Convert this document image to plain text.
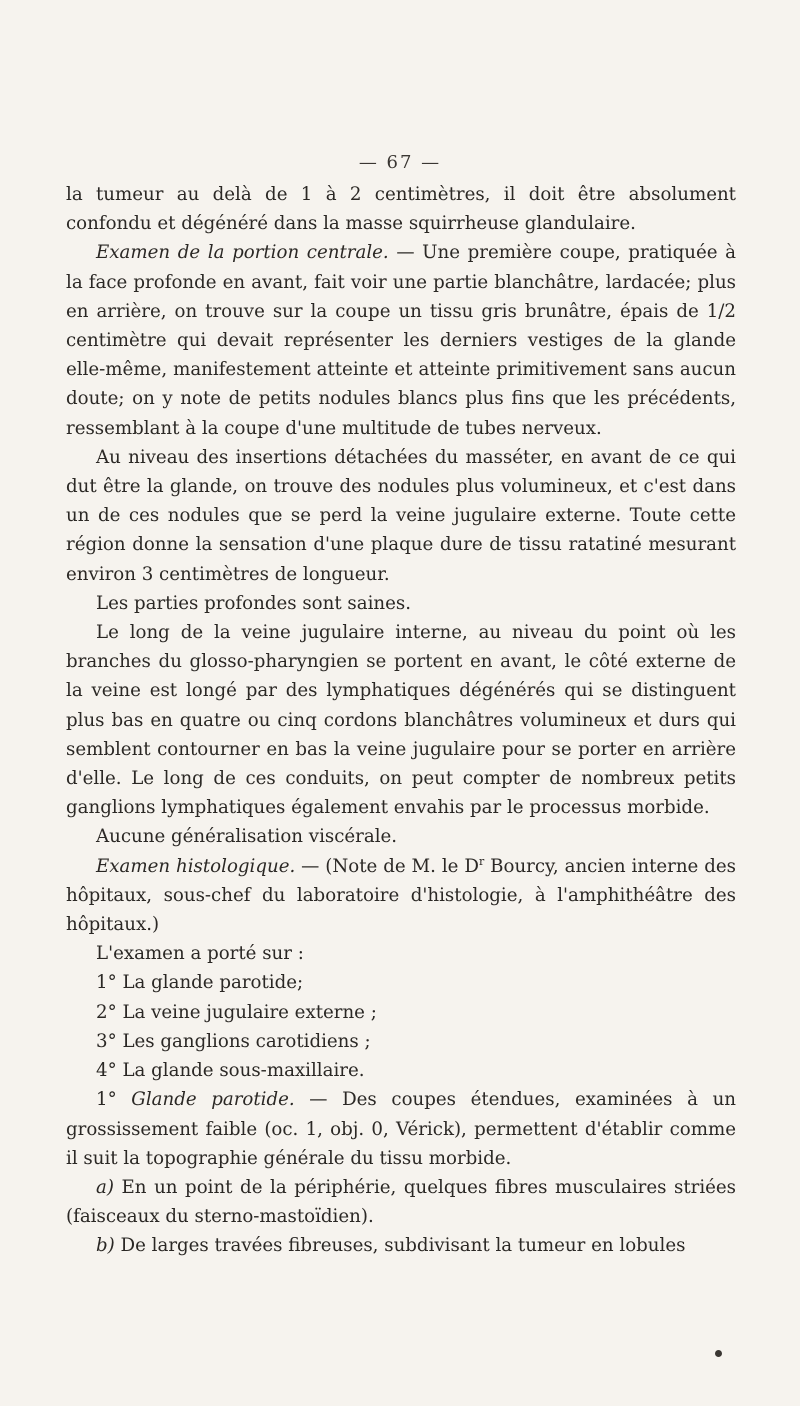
— 67 —

la tumeur au delà de 1 à 2 centimètres, il doit être absolument confondu et dégénéré dans la masse squirrheuse glandulaire.

Examen de la portion centrale. — Une première coupe, pratiquée à la face profonde en avant, fait voir une partie blanchâtre, lardacée; plus en arrière, on trouve sur la coupe un tissu gris brunâtre, épais de 1/2 centimètre qui devait représenter les derniers vestiges de la glande elle-même, manifestement atteinte et atteinte primitivement sans aucun doute; on y note de petits nodules blancs plus fins que les précédents, ressemblant à la coupe d'une multitude de tubes nerveux.

Au niveau des insertions détachées du masséter, en avant de ce qui dut être la glande, on trouve des nodules plus volumineux, et c'est dans un de ces nodules que se perd la veine jugulaire externe. Toute cette région donne la sensation d'une plaque dure de tissu ratatiné mesurant environ 3 centimètres de longueur.

Les parties profondes sont saines.

Le long de la veine jugulaire interne, au niveau du point où les branches du glosso-pharyngien se portent en avant, le côté externe de la veine est longé par des lymphatiques dégénérés qui se distinguent plus bas en quatre ou cinq cordons blanchâtres volumineux et durs qui semblent contourner en bas la veine jugulaire pour se porter en arrière d'elle. Le long de ces conduits, on peut compter de nombreux petits ganglions lymphatiques également envahis par le processus morbide.

Aucune généralisation viscérale.

Examen histologique. — (Note de M. le $D^r$ Bourcy, ancien interne des hôpitaux, sous-chef du laboratoire d'histologie, à l'amphithéâtre des hôpitaux.)

L'examen a porté sur :

1° La glande parotide;

2° La veine jugulaire externe ;

3° Les ganglions carotidiens ;

4° La glande sous-maxillaire.

1° Glande parotide. — Des coupes étendues, examinées à un grossissement faible (oc. 1, obj. 0, Vérick), permettent d'établir comme il suit la topographie générale du tissu morbide.

a) En un point de la périphérie, quelques fibres musculaires striées (faisceaux du sterno-mastoïdien).

b) De larges travées fibreuses, subdivisant la tumeur en lobules
